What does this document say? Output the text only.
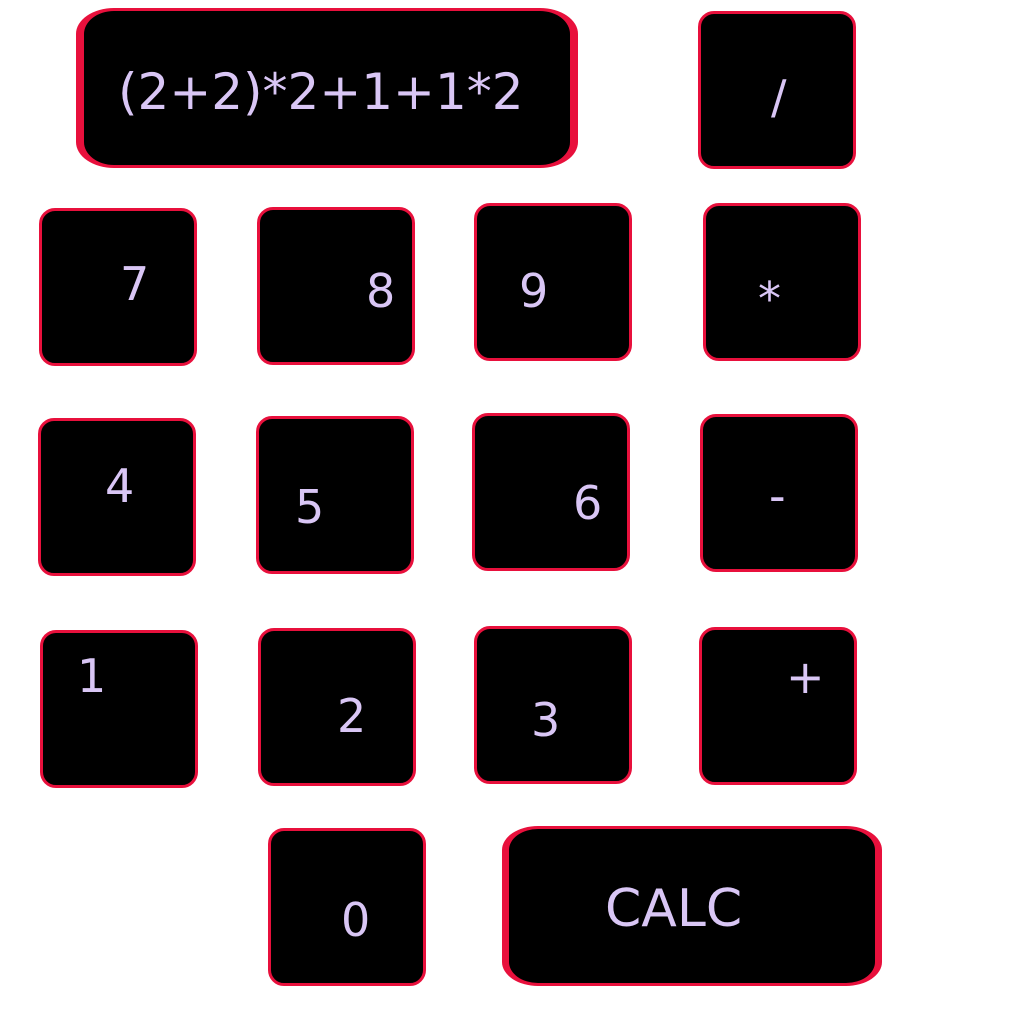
(2+2)*2+1+1*2	/
7	8	9	*
4	5	6	-
1
2	3
+
0	CALC
